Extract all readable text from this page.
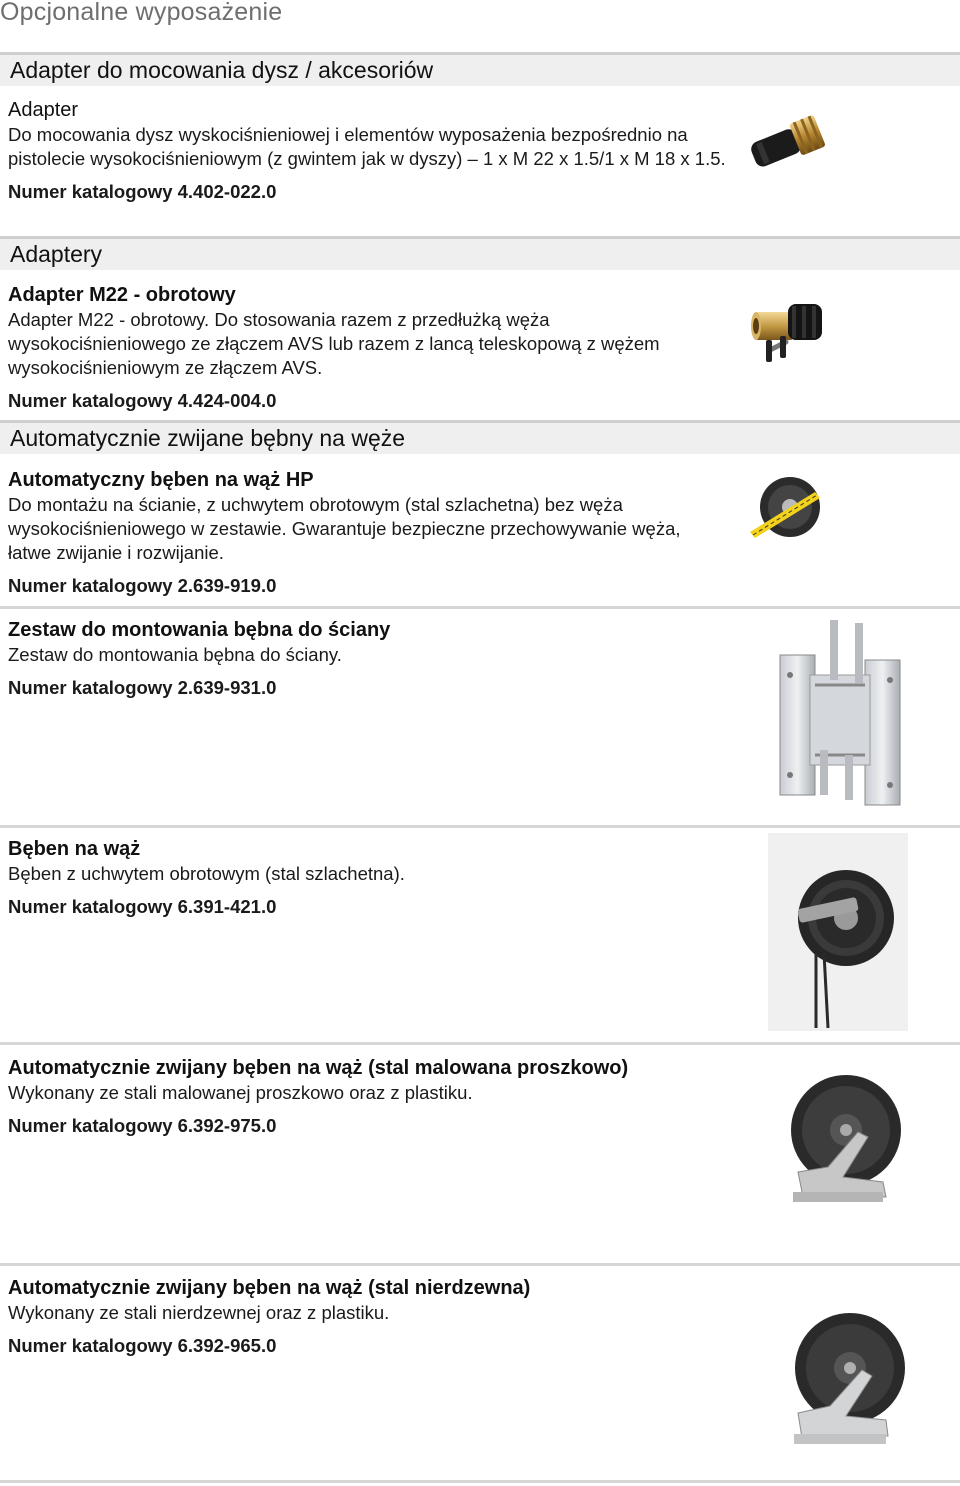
Opcjonalne wyposażenie
Adapter do mocowania dysz / akcesoriów
Adapter

Do mocowania dysz wyskociśnieniowej i elementów wyposażenia bezpośrednio na pistolecie wysokociśnieniowym (z gwintem jak w dyszy) – 1 x M 22 x 1.5/1 x M 18 x 1.5.

Numer katalogowy 4.402-022.0
Adaptery
Adapter M22 - obrotowy

Adapter M22 - obrotowy. Do stosowania razem z przedłużką węża wysokociśnieniowego ze złączem AVS lub razem z lancą teleskopową z wężem wysokociśnieniowym ze złączem AVS.

Numer katalogowy 4.424-004.0
Automatycznie zwijane bębny na węże
Automatyczny bęben na wąż HP

Do montażu na ścianie, z uchwytem obrotowym (stal szlachetna) bez węża wysokociśnieniowego w zestawie. Gwarantuje bezpieczne przechowywanie węża, łatwe zwijanie i rozwijanie.

Numer katalogowy 2.639-919.0
Zestaw do montowania bębna do ściany

Zestaw do montowania bębna do ściany.

Numer katalogowy 2.639-931.0
Bęben na wąż

Bęben z uchwytem obrotowym (stal szlachetna).

Numer katalogowy 6.391-421.0
Automatycznie zwijany bęben na wąż (stal malowana proszkowo)

Wykonany ze stali malowanej proszkowo oraz z plastiku.

Numer katalogowy 6.392-975.0
Automatycznie zwijany bęben na wąż (stal nierdzewna)

Wykonany ze stali nierdzewnej oraz z plastiku.

Numer katalogowy 6.392-965.0
